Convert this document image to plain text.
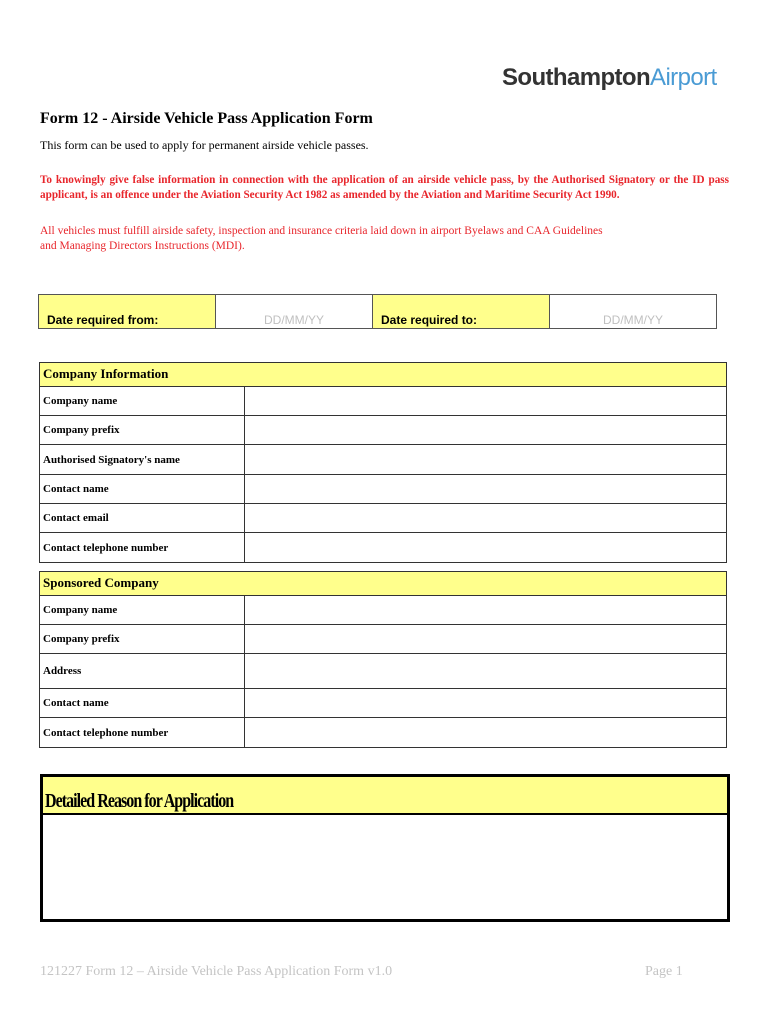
SouthamptonAirport
Form 12 - Airside Vehicle Pass Application Form
This form can be used to apply for permanent airside vehicle passes.
To knowingly give false information in connection with the application of an airside vehicle pass, by the Authorised Signatory or the ID pass applicant, is an offence under the Aviation Security Act 1982 as amended by the Aviation and Maritime Security Act 1990.
All vehicles must fulfill airside safety, inspection and insurance criteria laid down in airport Byelaws and CAA Guidelines
and Managing Directors Instructions (MDI).
Date required from:	DD/MM/YY	Date required to:	DD/MM/YY
Company Information
Company name
Company prefix
Authorised Signatory's name
Contact name
Contact email
Contact telephone number
Sponsored Company
Company name
Company prefix
Address
Contact name
Contact telephone number
Detailed Reason for Application
121227 Form 12 – Airside Vehicle Pass Application Form v1.0	Page 1
